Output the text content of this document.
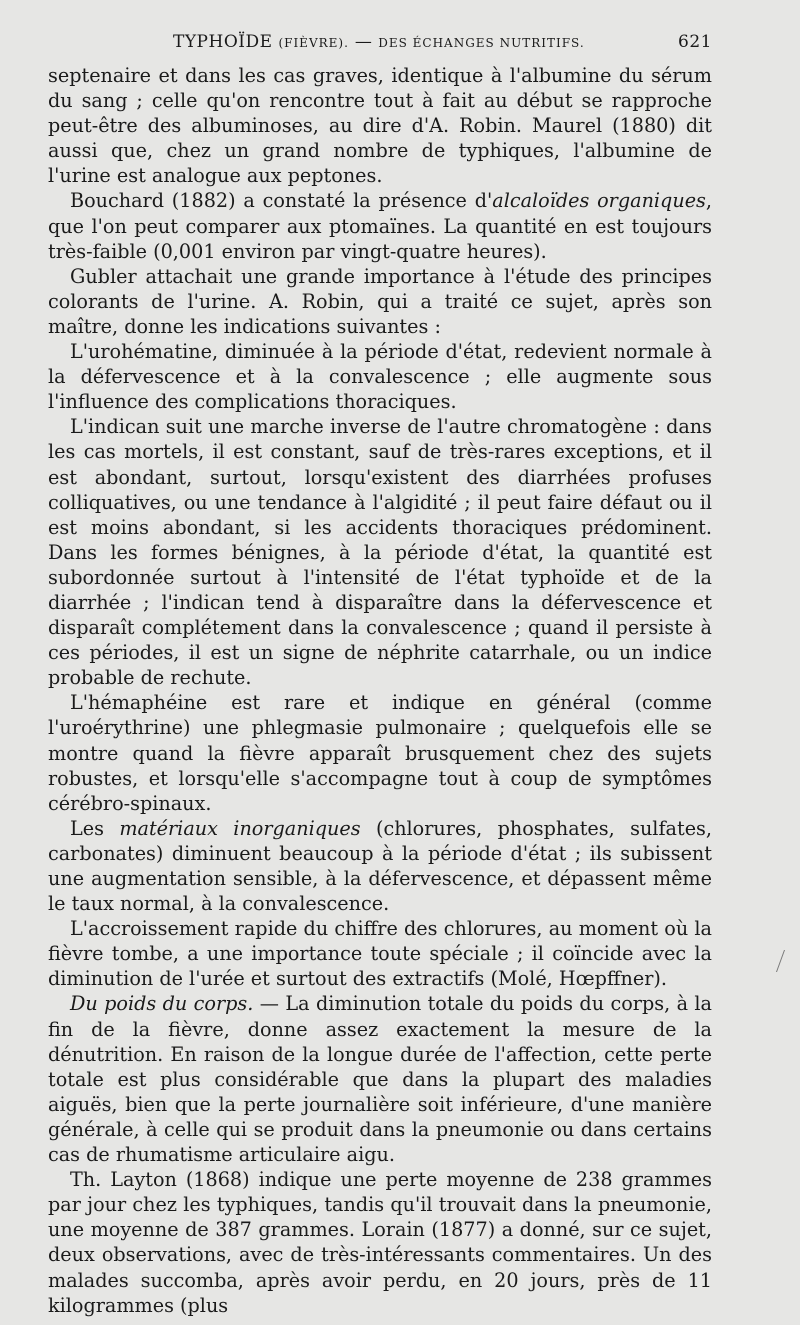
TYPHOÏDE (FIÈVRE). — DES ÉCHANGES NUTRITIFS.	621

septenaire et dans les cas graves, identique à l'albumine du sérum du sang ; celle qu'on rencontre tout à fait au début se rapproche peut-être des albuminoses, au dire d'A. Robin. Maurel (1880) dit aussi que, chez un grand nombre de typhiques, l'albumine de l'urine est analogue aux peptones.

Bouchard (1882) a constaté la présence d'alcaloïdes organiques, que l'on peut comparer aux ptomaïnes. La quantité en est toujours très-faible (0,001 environ par vingt-quatre heures).

Gubler attachait une grande importance à l'étude des principes colorants de l'urine. A. Robin, qui a traité ce sujet, après son maître, donne les indications suivantes :

L'urohématine, diminuée à la période d'état, redevient normale à la défervescence et à la convalescence ; elle augmente sous l'influence des complications thoraciques.

L'indican suit une marche inverse de l'autre chromatogène : dans les cas mortels, il est constant, sauf de très-rares exceptions, et il est abondant, surtout, lorsqu'existent des diarrhées profuses colliquatives, ou une tendance à l'algidité ; il peut faire défaut ou il est moins abondant, si les accidents thoraciques prédominent. Dans les formes bénignes, à la période d'état, la quantité est subordonnée surtout à l'intensité de l'état typhoïde et de la diarrhée ; l'indican tend à disparaître dans la défervescence et disparaît complétement dans la convalescence ; quand il persiste à ces périodes, il est un signe de néphrite catarrhale, ou un indice probable de rechute.

L'hémaphéine est rare et indique en général (comme l'uroérythrine) une phlegmasie pulmonaire ; quelquefois elle se montre quand la fièvre apparaît brusquement chez des sujets robustes, et lorsqu'elle s'accompagne tout à coup de symptômes cérébro-spinaux.

Les matériaux inorganiques (chlorures, phosphates, sulfates, carbonates) diminuent beaucoup à la période d'état ; ils subissent une augmentation sensible, à la défervescence, et dépassent même le taux normal, à la convalescence.

L'accroissement rapide du chiffre des chlorures, au moment où la fièvre tombe, a une importance toute spéciale ; il coïncide avec la diminution de l'urée et surtout des extractifs (Molé, Hœpffner).

Du poids du corps. — La diminution totale du poids du corps, à la fin de la fièvre, donne assez exactement la mesure de la dénutrition. En raison de la longue durée de l'affection, cette perte totale est plus considérable que dans la plupart des maladies aiguës, bien que la perte journalière soit inférieure, d'une manière générale, à celle qui se produit dans la pneumonie ou dans certains cas de rhumatisme articulaire aigu.

Th. Layton (1868) indique une perte moyenne de 238 grammes par jour chez les typhiques, tandis qu'il trouvait dans la pneumonie, une moyenne de 387 grammes. Lorain (1877) a donné, sur ce sujet, deux observations, avec de très-intéressants commentaires. Un des malades succomba, après avoir perdu, en 20 jours, près de 11 kilogrammes (plus
